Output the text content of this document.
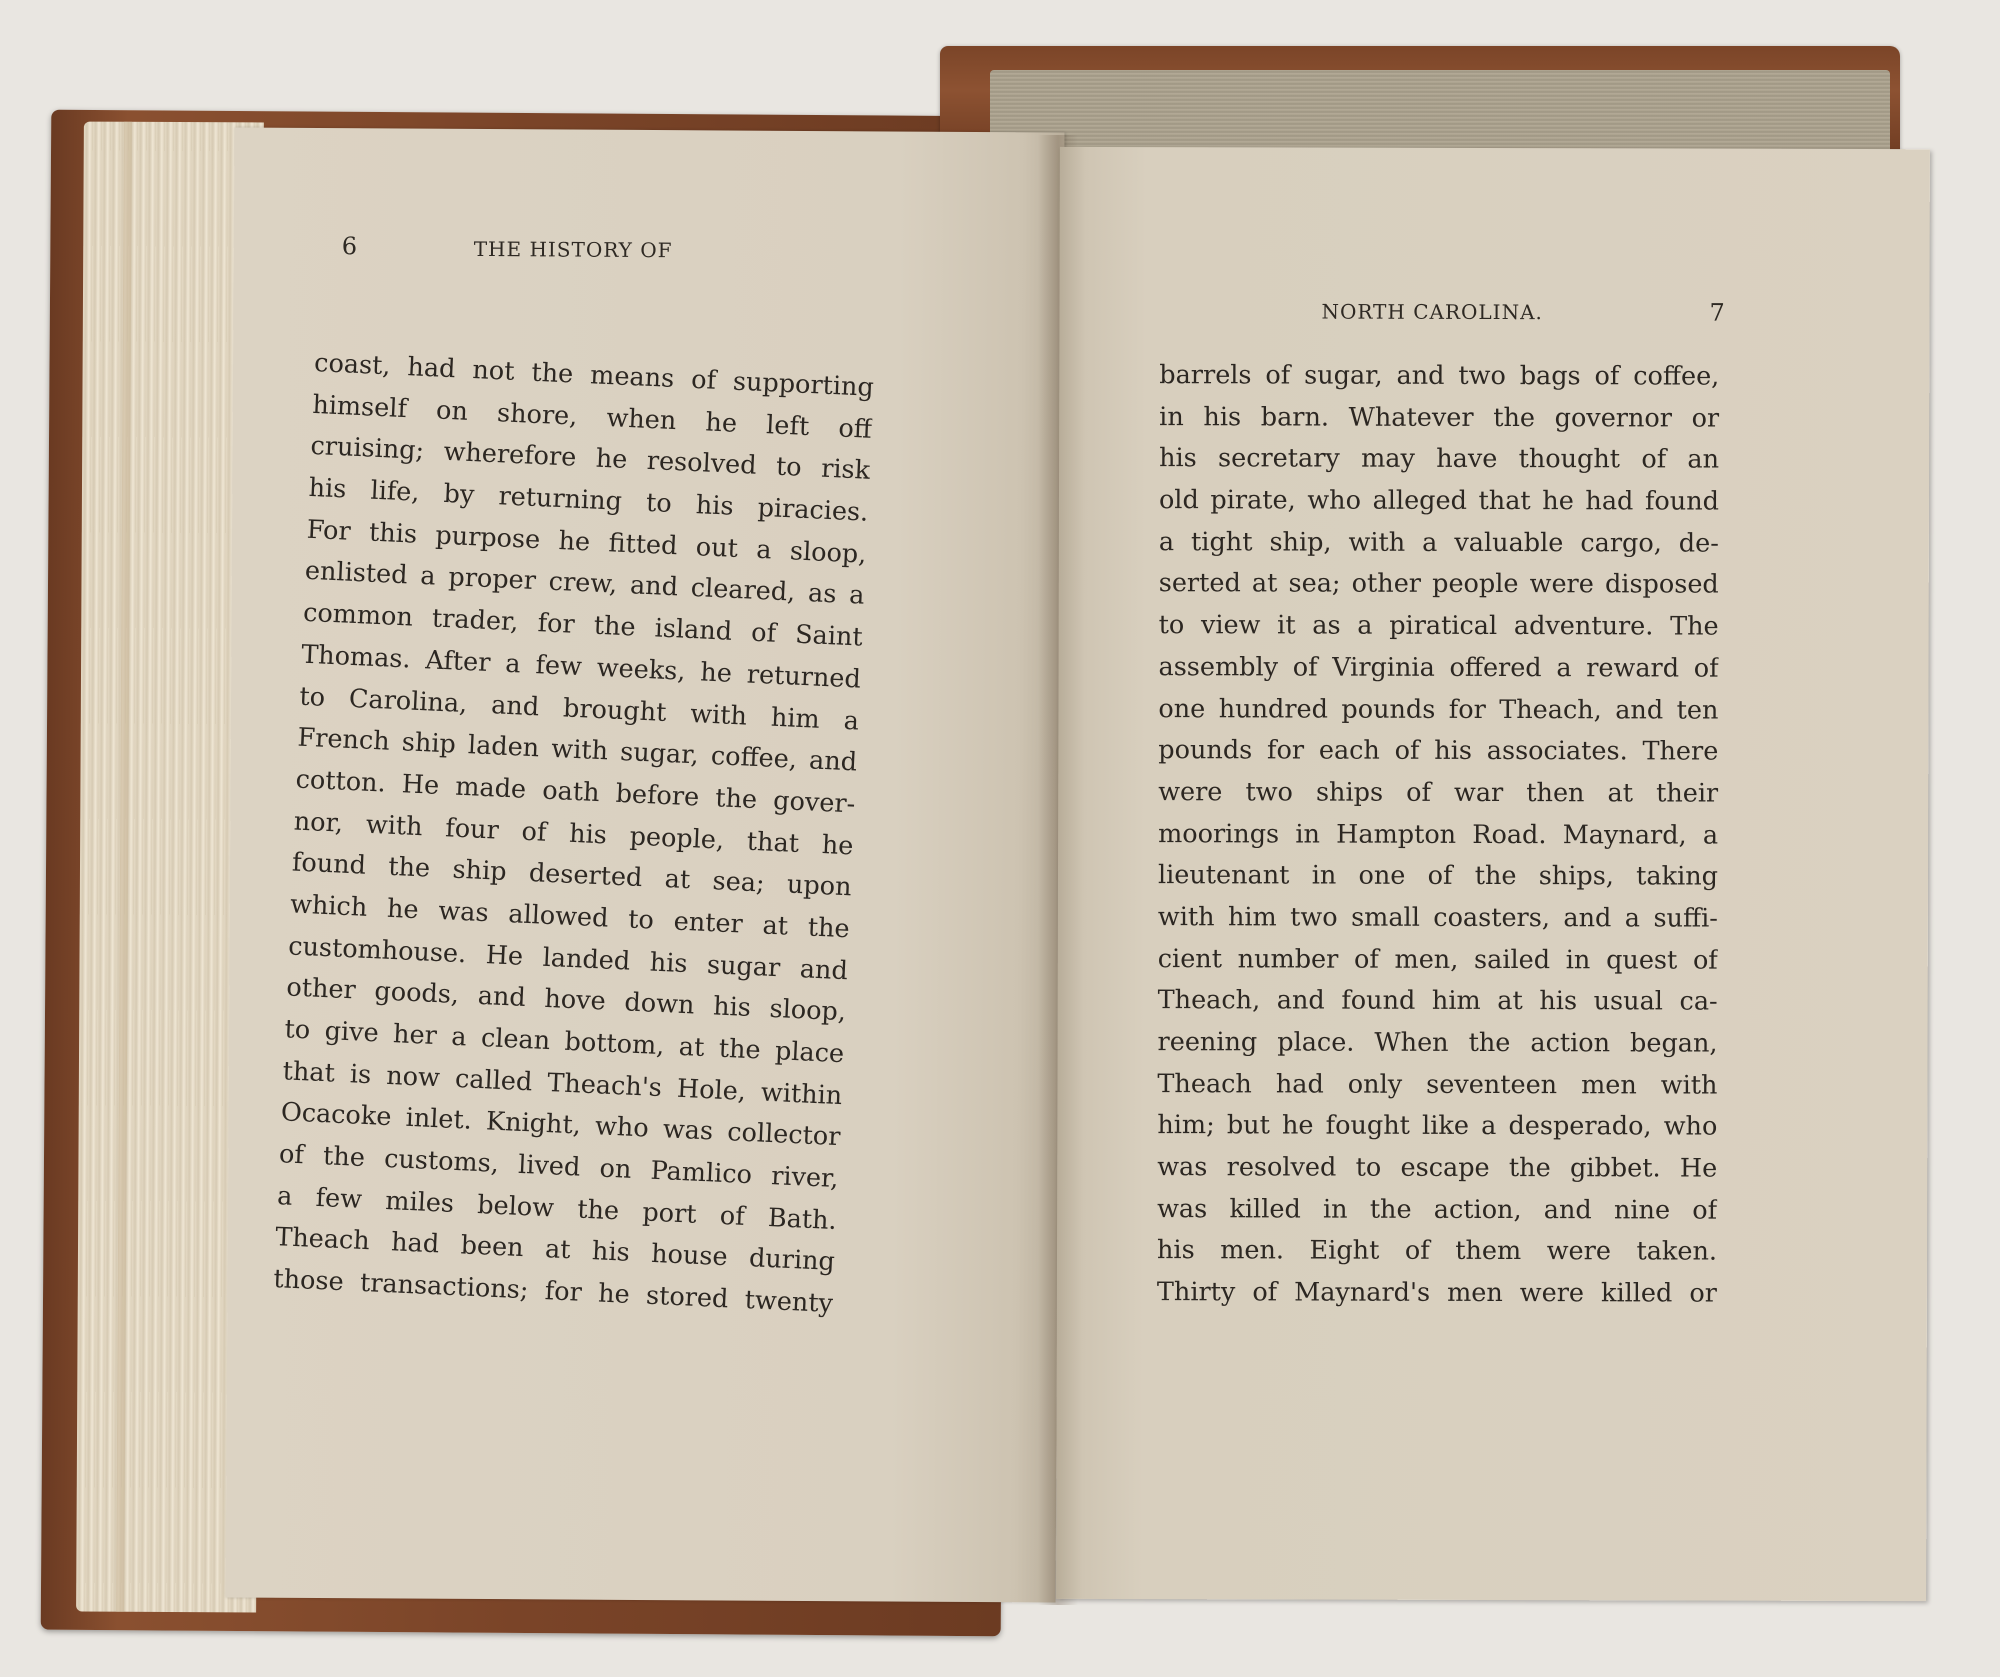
6	THE HISTORY OF
coast, had not the means of supporting
himself on shore, when he left off
cruising; wherefore he resolved to risk
his life, by returning to his piracies.
For this purpose he fitted out a sloop,
enlisted a proper crew, and cleared, as a
common trader, for the island of Saint
Thomas. After a few weeks, he returned
to Carolina, and brought with him a
French ship laden with sugar, coffee, and
cotton. He made oath before the gover-
nor, with four of his people, that he
found the ship deserted at sea; upon
which he was allowed to enter at the
customhouse. He landed his sugar and
other goods, and hove down his sloop,
to give her a clean bottom, at the place
that is now called Theach's Hole, within
Ocacoke inlet. Knight, who was collector
of the customs, lived on Pamlico river,
a few miles below the port of Bath.
Theach had been at his house during
those transactions; for he stored twenty
NORTH CAROLINA.	7
barrels of sugar, and two bags of coffee,
in his barn. Whatever the governor or
his secretary may have thought of an
old pirate, who alleged that he had found
a tight ship, with a valuable cargo, de-
serted at sea; other people were disposed
to view it as a piratical adventure. The
assembly of Virginia offered a reward of
one hundred pounds for Theach, and ten
pounds for each of his associates. There
were two ships of war then at their
moorings in Hampton Road. Maynard, a
lieutenant in one of the ships, taking
with him two small coasters, and a suffi-
cient number of men, sailed in quest of
Theach, and found him at his usual ca-
reening place. When the action began,
Theach had only seventeen men with
him; but he fought like a desperado, who
was resolved to escape the gibbet. He
was killed in the action, and nine of
his men. Eight of them were taken.
Thirty of Maynard's men were killed or
